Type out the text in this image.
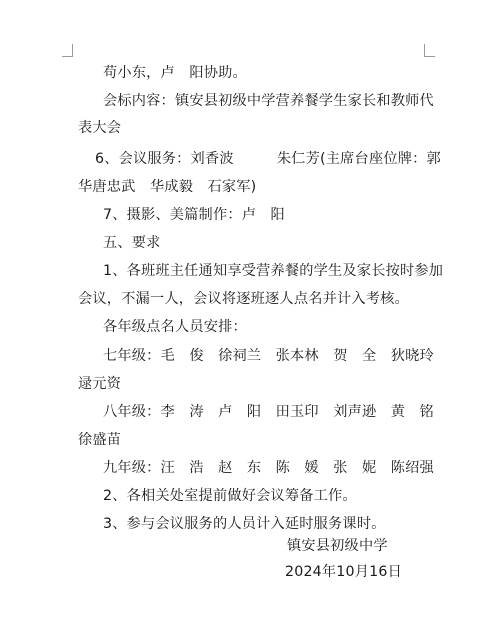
苟小东，卢　阳协助。
会标内容：镇安县初级中学营养餐学生家长和教师代
表大会
6、会议服务：刘香波　　　朱仁芳(主席台座位牌：郭
华唐忠武　华成毅　石家军)
7、摄影、美篇制作：卢　阳
五、要求
1、各班班主任通知享受营养餐的学生及家长按时参加
会议，不漏一人，会议将逐班逐人点名并计入考核。
各年级点名人员安排：
七年级：毛　俊　徐祠兰　张本林　贺　全　狄晓玲
逯元资
八年级：李　涛　卢　阳　田玉印　刘声逊　黄　铭
徐盛苗
九年级：汪　浩　赵　东　陈　媛　张　妮　陈绍强
2、各相关处室提前做好会议筹备工作。
3、参与会议服务的人员计入延时服务课时。
镇安县初级中学
2024年10月16日
